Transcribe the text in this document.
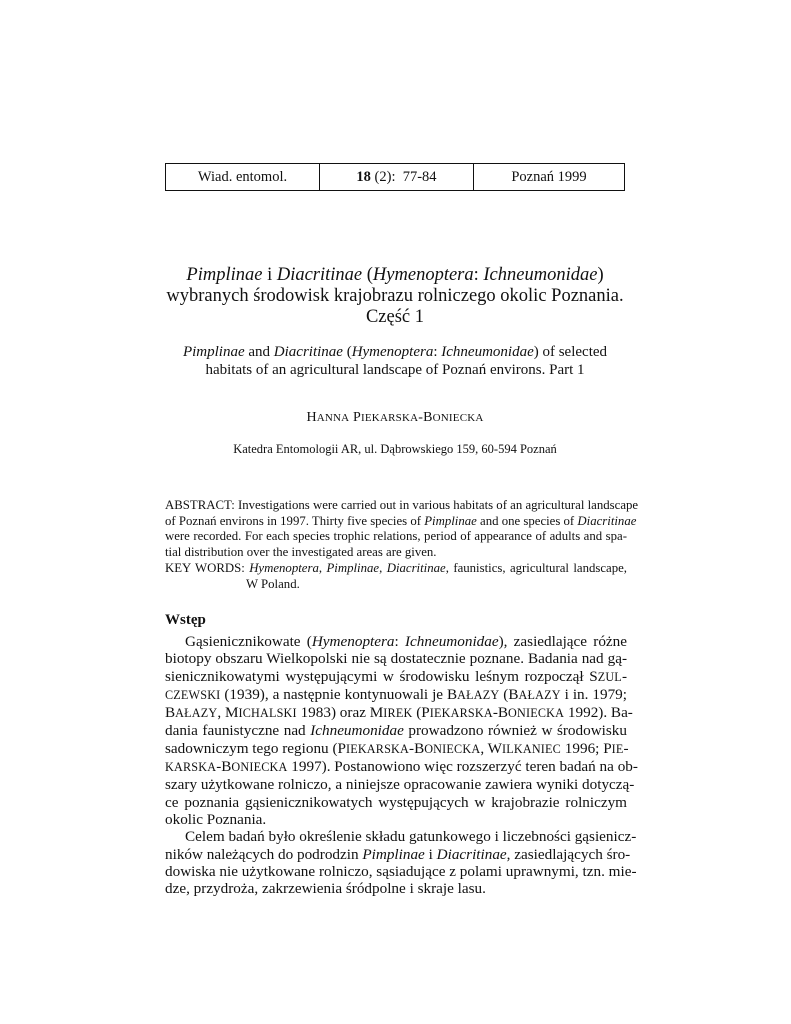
Wiad. entomol.	18 (2):  77-84	Poznań 1999
Pimplinae i Diacritinae (Hymenoptera: Ichneumonidae)
wybranych środowisk krajobrazu rolniczego okolic Poznania.
Część 1
Pimplinae and Diacritinae (Hymenoptera: Ichneumonidae) of selected
habitats of an agricultural landscape of Poznań environs. Part 1
HANNA PIEKARSKA-BONIECKA
Katedra Entomologii AR, ul. Dąbrowskiego 159, 60-594 Poznań
ABSTRACT: Investigations were carried out in various habitats of an agricultural landscape
of Poznań environs in 1997. Thirty five species of Pimplinae and one species of Diacritinae
were recorded. For each species trophic relations, period of appearance of adults and spa-
tial distribution over the investigated areas are given.
KEY WORDS: Hymenoptera, Pimplinae, Diacritinae, faunistics, agricultural landscape,
W Poland.
Wstęp
Gąsienicznikowate (Hymenoptera: Ichneumonidae), zasiedlające różne
biotopy obszaru Wielkopolski nie są dostatecznie poznane. Badania nad gą-
sienicznikowatymi występującymi w środowisku leśnym rozpoczął SZUL-
CZEWSKI (1939), a następnie kontynuowali je BAŁAZY (BAŁAZY i in. 1979;
BAŁAZY, MICHALSKI 1983) oraz MIREK (PIEKARSKA-BONIECKA 1992). Ba-
dania faunistyczne nad Ichneumonidae prowadzono również w środowisku
sadowniczym tego regionu (PIEKARSKA-BONIECKA, WILKANIEC 1996; PIE-
KARSKA-BONIECKA 1997). Postanowiono więc rozszerzyć teren badań na ob-
szary użytkowane rolniczo, a niniejsze opracowanie zawiera wyniki dotyczą-
ce poznania gąsienicznikowatych występujących w krajobrazie rolniczym
okolic Poznania.
Celem badań było określenie składu gatunkowego i liczebności gąsienicz-
ników należących do podrodzin Pimplinae i Diacritinae, zasiedlających śro-
dowiska nie użytkowane rolniczo, sąsiadujące z polami uprawnymi, tzn. mie-
dze, przydroża, zakrzewienia śródpolne i skraje lasu.
